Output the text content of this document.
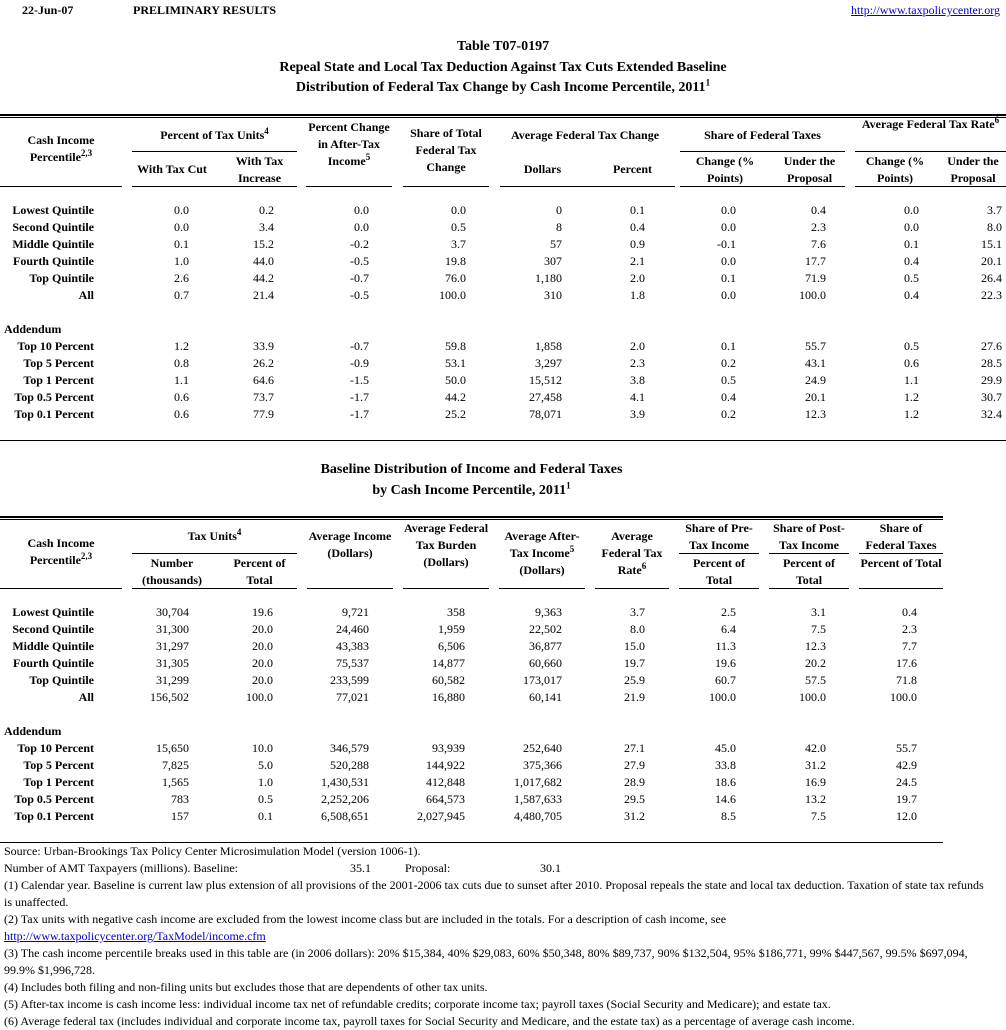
22-Jun-07	PRELIMINARY RESULTS	http://www.taxpolicycenter.org
Table T07-0197
Repeal State and Local Tax Deduction Against Tax Cuts Extended Baseline
Distribution of Federal Tax Change by Cash Income Percentile, 2011$^1$
Cash Income Percentile$^{2,3}$
Percent of Tax Units$^4$
With Tax Cut
With Tax Increase
Percent Change in After-Tax Income$^5$
Share of Total Federal Tax Change
Average Federal Tax Change
Dollars	Percent
Share of Federal Taxes
Change (% Points)
Under the Proposal
Average Federal Tax Rate$^6$
Change (% Points)
Under the Proposal
Lowest Quintile	0.0	0.2	0.0	0.0	0	0.1	0.0	0.4	0.0	3.7
Second Quintile	0.0	3.4	0.0	0.5	8	0.4	0.0	2.3	0.0	8.0
Middle Quintile	0.1	15.2	-0.2	3.7	57	0.9	-0.1	7.6	0.1	15.1
Fourth Quintile	1.0	44.0	-0.5	19.8	307	2.1	0.0	17.7	0.4	20.1
Top Quintile	2.6	44.2	-0.7	76.0	1,180	2.0	0.1	71.9	0.5	26.4
All	0.7	21.4	-0.5	100.0	310	1.8	0.0	100.0	0.4	22.3
Addendum
Top 10 Percent	1.2	33.9	-0.7	59.8	1,858	2.0	0.1	55.7	0.5	27.6
Top 5 Percent	0.8	26.2	-0.9	53.1	3,297	2.3	0.2	43.1	0.6	28.5
Top 1 Percent	1.1	64.6	-1.5	50.0	15,512	3.8	0.5	24.9	1.1	29.9
Top 0.5 Percent	0.6	73.7	-1.7	44.2	27,458	4.1	0.4	20.1	1.2	30.7
Top 0.1 Percent	0.6	77.9	-1.7	25.2	78,071	3.9	0.2	12.3	1.2	32.4
Baseline Distribution of Income and Federal Taxes
by Cash Income Percentile, 2011$^1$
Cash Income Percentile$^{2,3}$
Tax Units$^4$
Number (thousands)
Percent of Total
Average Income (Dollars)
Average Federal Tax Burden (Dollars)
Average After-Tax Income$^5$
(Dollars)
Average Federal Tax Rate$^6$
Share of Pre-Tax Income
Percent of Total
Share of Post-Tax Income
Percent of Total
Share of Federal Taxes
Percent of Total
Lowest Quintile	30,704	19.6	9,721	358	9,363	3.7	2.5	3.1	0.4
Second Quintile	31,300	20.0	24,460	1,959	22,502	8.0	6.4	7.5	2.3
Middle Quintile	31,297	20.0	43,383	6,506	36,877	15.0	11.3	12.3	7.7
Fourth Quintile	31,305	20.0	75,537	14,877	60,660	19.7	19.6	20.2	17.6
Top Quintile	31,299	20.0	233,599	60,582	173,017	25.9	60.7	57.5	71.8
All	156,502	100.0	77,021	16,880	60,141	21.9	100.0	100.0	100.0
Addendum
Top 10 Percent	15,650	10.0	346,579	93,939	252,640	27.1	45.0	42.0	55.7
Top 5 Percent	7,825	5.0	520,288	144,922	375,366	27.9	33.8	31.2	42.9
Top 1 Percent	1,565	1.0	1,430,531	412,848	1,017,682	28.9	18.6	16.9	24.5
Top 0.5 Percent	783	0.5	2,252,206	664,573	1,587,633	29.5	14.6	13.2	19.7
Top 0.1 Percent	157	0.1	6,508,651	2,027,945	4,480,705	31.2	8.5	7.5	12.0
Source: Urban-Brookings Tax Policy Center Microsimulation Model (version 1006-1).
Number of AMT Taxpayers (millions). Baseline:	35.1	Proposal:	30.1
(1) Calendar year. Baseline is current law plus extension of all provisions of the 2001-2006 tax cuts due to sunset after 2010. Proposal repeals the state and local tax deduction. Taxation of state tax refunds is unaffected.
(2) Tax units with negative cash income are excluded from the lowest income class but are included in the totals. For a description of cash income, see
http://www.taxpolicycenter.org/TaxModel/income.cfm
(3) The cash income percentile breaks used in this table are (in 2006 dollars): 20% $15,384, 40% $29,083, 60% $50,348, 80% $89,737, 90% $132,504, 95% $186,771, 99% $447,567, 99.5% $697,094, 99.9% $1,996,728.
(4) Includes both filing and non-filing units but excludes those that are dependents of other tax units.
(5) After-tax income is cash income less: individual income tax net of refundable credits; corporate income tax; payroll taxes (Social Security and Medicare); and estate tax.
(6) Average federal tax (includes individual and corporate income tax, payroll taxes for Social Security and Medicare, and the estate tax) as a percentage of average cash income.
